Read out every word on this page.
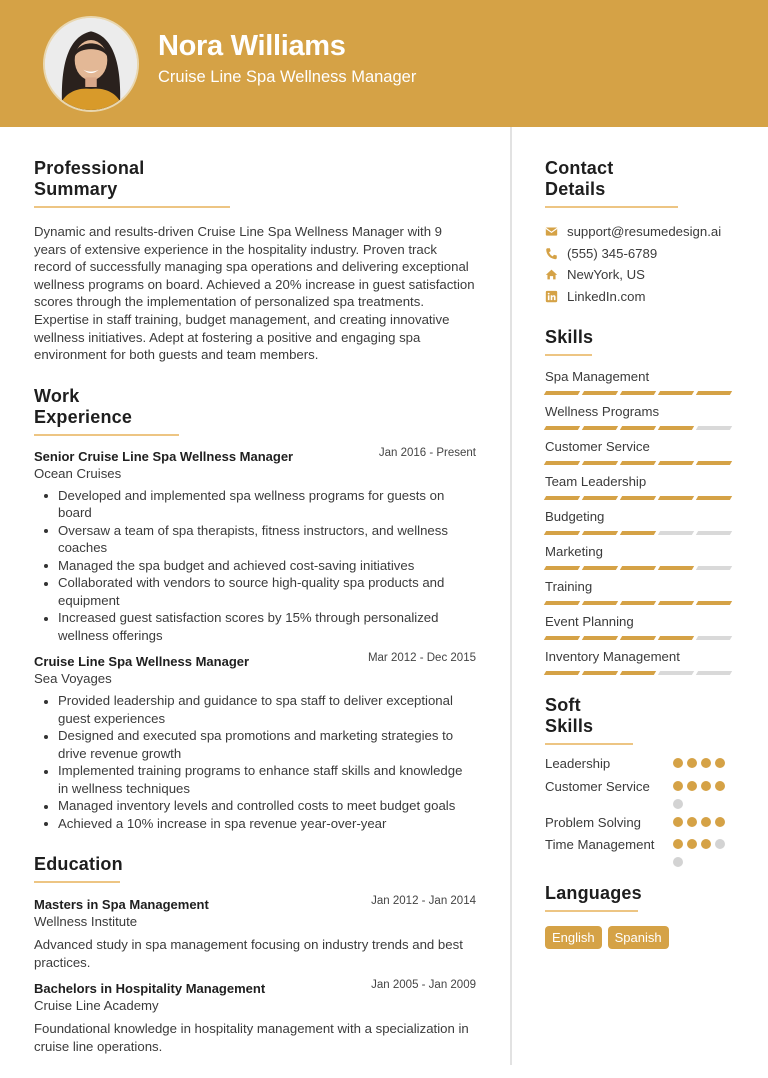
Nora Williams
Cruise Line Spa Wellness Manager
Professional Summary

Dynamic and results-driven Cruise Line Spa Wellness Manager with 9 years of extensive experience in the hospitality industry. Proven track record of successfully managing spa operations and delivering exceptional wellness programs on board. Achieved a 20% increase in guest satisfaction scores through the implementation of personalized spa treatments. Expertise in staff training, budget management, and creating innovative wellness initiatives. Adept at fostering a positive and engaging spa environment for both guests and team members.

Work Experience
Senior Cruise Line Spa Wellness Manager	Jan 2016 - Present
Ocean Cruises
Developed and implemented spa wellness programs for guests on board
Oversaw a team of spa therapists, fitness instructors, and wellness coaches
Managed the spa budget and achieved cost-saving initiatives
Collaborated with vendors to source high-quality spa products and equipment
Increased guest satisfaction scores by 15% through personalized wellness offerings
Cruise Line Spa Wellness Manager	Mar 2012 - Dec 2015
Sea Voyages
Provided leadership and guidance to spa staff to deliver exceptional guest experiences
Designed and executed spa promotions and marketing strategies to drive revenue growth
Implemented training programs to enhance staff skills and knowledge in wellness techniques
Managed inventory levels and controlled costs to meet budget goals
Achieved a 10% increase in spa revenue year-over-year
Education
Masters in Spa Management	Jan 2012 - Jan 2014
Wellness Institute

Advanced study in spa management focusing on industry trends and best practices.

Bachelors in Hospitality Management	Jan 2005 - Jan 2009
Cruise Line Academy

Foundational knowledge in hospitality management with a specialization in cruise line operations.

Contact Details
support@resumedesign.ai
(555) 345-6789
NewYork, US
LinkedIn.com
Skills
Spa Management
Wellness Programs
Customer Service
Team Leadership
Budgeting
Marketing
Training
Event Planning
Inventory Management
Soft Skills
Leadership
Customer Service
Problem Solving
Time Management
Languages
English	Spanish
